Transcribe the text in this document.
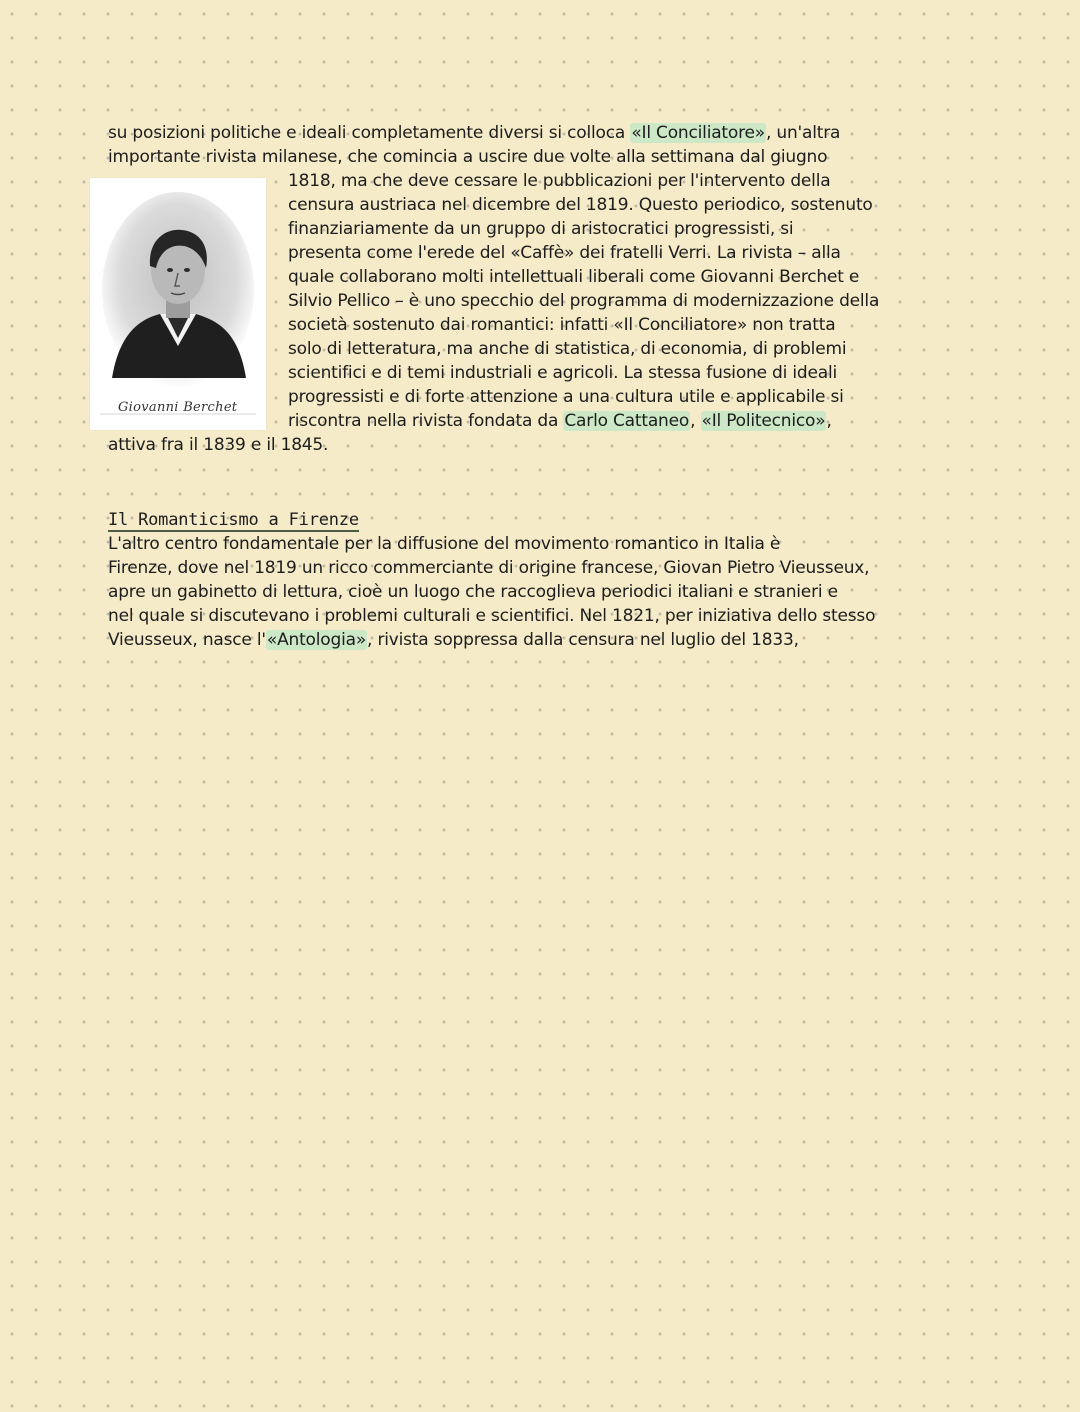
su posizioni politiche e ideali completamente diversi si colloca «Il Conciliatore», un'altra
importante rivista milanese, che comincia a uscire due volte alla settimana dal giugno
Giovanni Berchet
1818, ma che deve cessare le pubblicazioni per l'intervento della
censura austriaca nel dicembre del 1819. Questo periodico, sostenuto
finanziariamente da un gruppo di aristocratici progressisti, si
presenta come l'erede del «Caffè» dei fratelli Verri. La rivista – alla
quale collaborano molti intellettuali liberali come Giovanni Berchet e
Silvio Pellico – è uno specchio del programma di modernizzazione della
società sostenuto dai romantici: infatti «Il Conciliatore» non tratta
solo di letteratura, ma anche di statistica, di economia, di problemi
scientifici e di temi industriali e agricoli. La stessa fusione di ideali
progressisti e di forte attenzione a una cultura utile e applicabile si
riscontra nella rivista fondata da Carlo Cattaneo, «Il Politecnico»,
attiva fra il 1839 e il 1845.
Il Romanticismo a Firenze
L'altro centro fondamentale per la diffusione del movimento romantico in Italia è
Firenze, dove nel 1819 un ricco commerciante di origine francese, Giovan Pietro Vieusseux,
apre un gabinetto di lettura, cioè un luogo che raccoglieva periodici italiani e stranieri e
nel quale si discutevano i problemi culturali e scientifici. Nel 1821, per iniziativa dello stesso
Vieusseux, nasce l'«Antologia», rivista soppressa dalla censura nel luglio del 1833,
